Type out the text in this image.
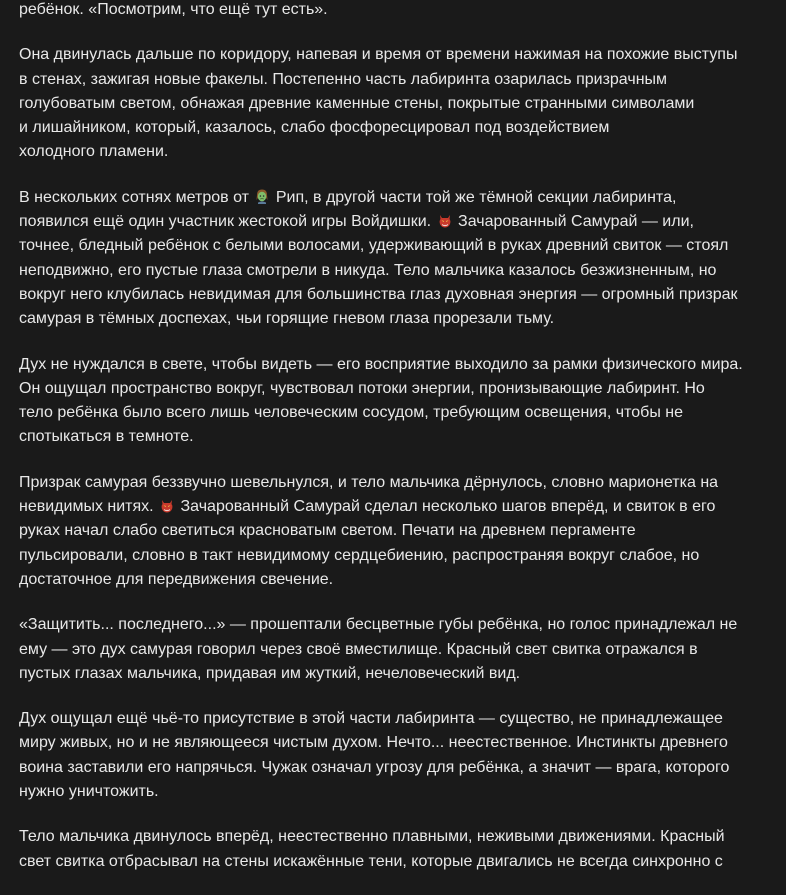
ребёнок. «Посмотрим, что ещё тут есть».

Она двинулась дальше по коридору, напевая и время от времени нажимая на похожие выступы
в стенах, зажигая новые факелы. Постепенно часть лабиринта озарилась призрачным
голубоватым светом, обнажая древние каменные стены, покрытые странными символами
и лишайником, который, казалось, слабо фосфоресцировал под воздействием
холодного пламени.

В нескольких сотнях метров от  Рип, в другой части той же тёмной секции лабиринта,
появился ещё один участник жестокой игры Войдишки.  Зачарованный Самурай — или,
точнее, бледный ребёнок с белыми волосами, удерживающий в руках древний свиток — стоял
неподвижно, его пустые глаза смотрели в никуда. Тело мальчика казалось безжизненным, но
вокруг него клубилась невидимая для большинства глаз духовная энергия — огромный призрак
самурая в тёмных доспехах, чьи горящие гневом глаза прорезали тьму.

Дух не нуждался в свете, чтобы видеть — его восприятие выходило за рамки физического мира.
Он ощущал пространство вокруг, чувствовал потоки энергии, пронизывающие лабиринт. Но
тело ребёнка было всего лишь человеческим сосудом, требующим освещения, чтобы не
спотыкаться в темноте.

Призрак самурая беззвучно шевельнулся, и тело мальчика дёрнулось, словно марионетка на
невидимых нитях.  Зачарованный Самурай сделал несколько шагов вперёд, и свиток в его
руках начал слабо светиться красноватым светом. Печати на древнем пергаменте
пульсировали, словно в такт невидимому сердцебиению, распространяя вокруг слабое, но
достаточное для передвижения свечение.

«Защитить... последнего...» — прошептали бесцветные губы ребёнка, но голос принадлежал не
ему — это дух самурая говорил через своё вместилище. Красный свет свитка отражался в
пустых глазах мальчика, придавая им жуткий, нечеловеческий вид.

Дух ощущал ещё чьё-то присутствие в этой части лабиринта — существо, не принадлежащее
миру живых, но и не являющееся чистым духом. Нечто... неестественное. Инстинкты древнего
воина заставили его напрячься. Чужак означал угрозу для ребёнка, а значит — врага, которого
нужно уничтожить.

Тело мальчика двинулось вперёд, неестественно плавными, неживыми движениями. Красный
свет свитка отбрасывал на стены искажённые тени, которые двигались не всегда синхронно с
